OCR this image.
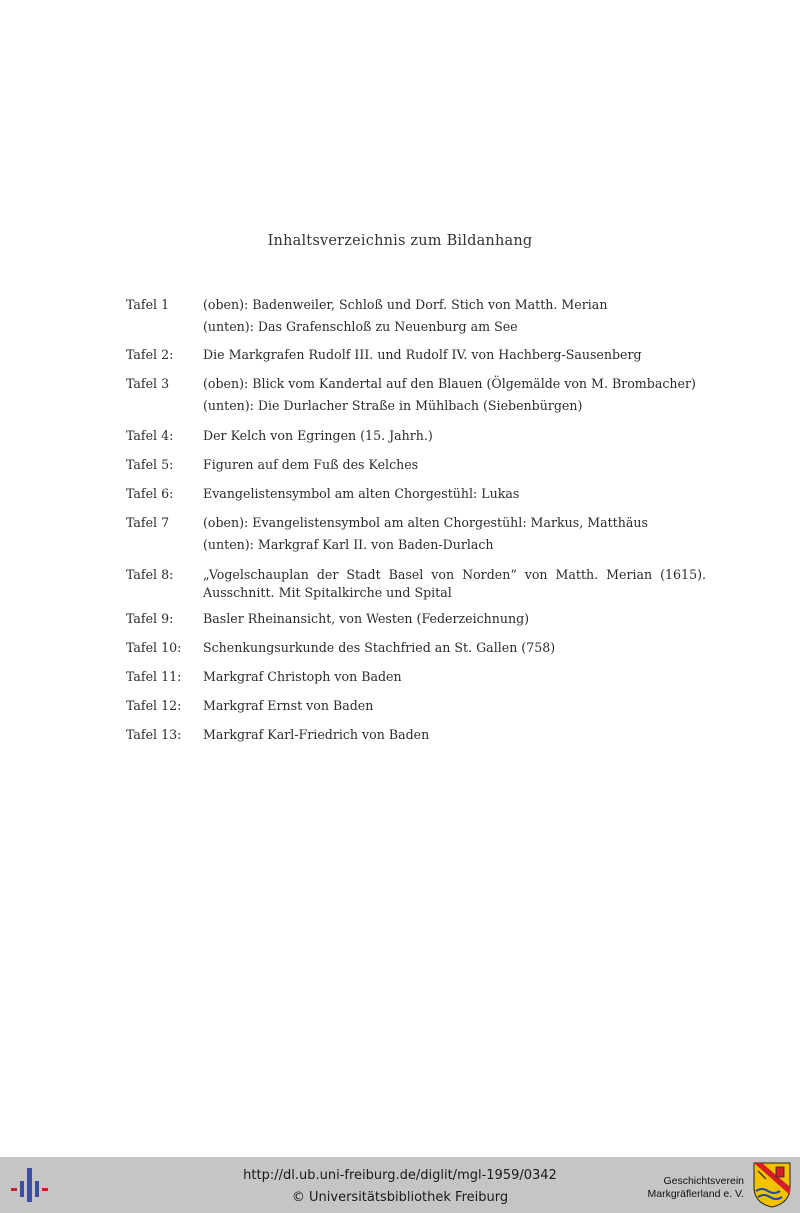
Inhaltsverzeichnis zum Bildanhang
Tafel 1	(oben): Badenweiler, Schloß und Dorf. Stich von Matth. Merian
(unten): Das Grafenschloß zu Neuenburg am See
Tafel 2: Die Markgrafen Rudolf III. und Rudolf IV. von Hachberg-Sausenberg
Tafel 3	(oben): Blick vom Kandertal auf den Blauen (Ölgemälde von M. Brombacher)
(unten): Die Durlacher Straße in Mühlbach (Siebenbürgen)
Tafel 4: Der Kelch von Egringen (15. Jahrh.)
Tafel 5: Figuren auf dem Fuß des Kelches
Tafel 6: Evangelistensymbol am alten Chorgestühl: Lukas
Tafel 7	(oben): Evangelistensymbol am alten Chorgestühl: Markus, Matthäus
(unten): Markgraf Karl II. von Baden-Durlach
Tafel 8: „Vogelschauplan der Stadt Basel von Norden“ von Matth. Merian (1615).
Ausschnitt. Mit Spitalkirche und Spital
Tafel 9: Basler Rheinansicht, von Westen (Federzeichnung)
Tafel 10: Schenkungsurkunde des Stachfried an St. Gallen (758)
Tafel 11: Markgraf Christoph von Baden
Tafel 12: Markgraf Ernst von Baden
Tafel 13: Markgraf Karl-Friedrich von Baden
http://dl.ub.uni-freiburg.de/diglit/mgl-1959/0342
© Universitätsbibliothek Freiburg
Geschichtsverein
Markgräflerland e. V.
